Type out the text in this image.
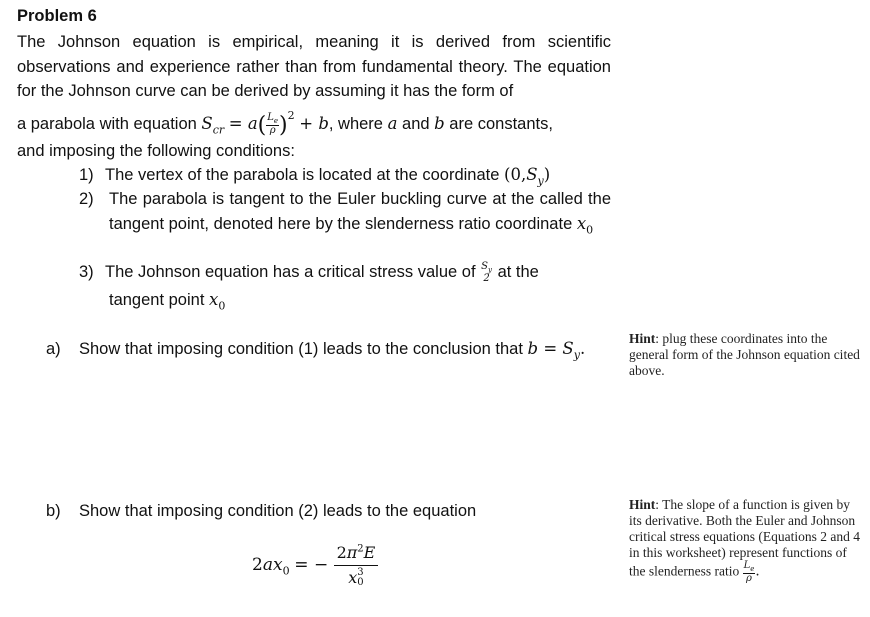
Problem 6
The Johnson equation is empirical, meaning it is derived from scientific observations and experience rather than from fundamental theory. The equation for the Johnson curve can be derived by assuming it has the form of
a parabola with equation $S_{cr} = a( \frac{L_e}{\rho} )^2 + b$, where a and b are constants,
and imposing the following conditions:
1) The vertex of the parabola is located at the coordinate $(0,S_y)$
2) The parabola is tangent to the Euler buckling curve at the called the tangent point, denoted here by the slenderness ratio coordinate $x_0$
3) The Johnson equation has a critical stress value of $S_y$
2 at the
tangent point $x_0$
a) Show that imposing condition (1) leads to the conclusion that $b = S_y$.
Hint: plug these coordinates into the general form of the Johnson equation cited above.
b) Show that imposing condition (2) leads to the equation
$2ax_0$ = − $2\pi^2E$
x 3
0
Hint: The slope of a function is given by its derivative. Both the Euler and Johnson critical stress equations (Equations 2 and 4 in this worksheet) represent functions of the slenderness ratio $\frac{L_e}{\rho}$ .
